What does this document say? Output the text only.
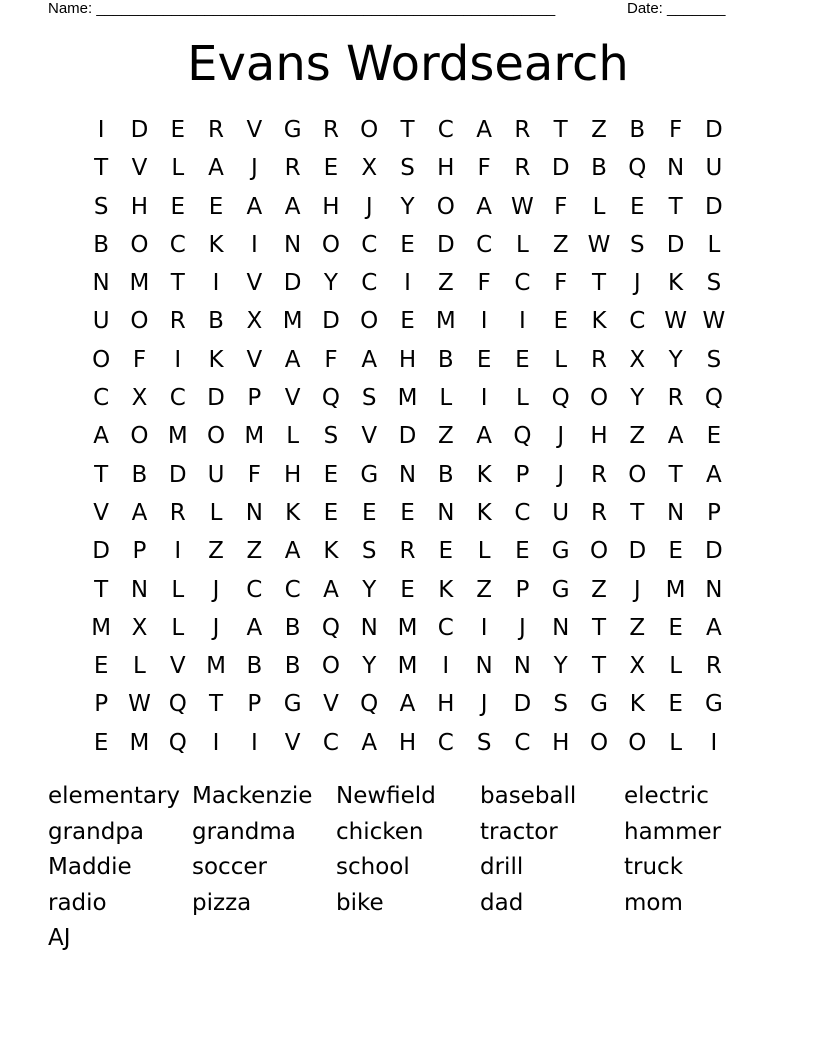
Name: _______________________________________________________	Date: _______
Evans Wordsearch
I	D E	R V G R O T	C A R	T	Z B	F D
T	V	L	A	J	R	E	X	S H	F	R D B Q N U
S H E	E	A A H	J	Y O A W F	L	E	T D
B O C K	I	N O C	E D C	L	Z W S D	L
N M T	I	V D Y	C	I	Z	F	C	F	T	J	K	S
U O R B X M D O E M	I	I	E	K C W W
O F	I	K V A	F	A H B	E	E	L	R X	Y	S
C X C D P	V Q S M L	I	L Q O Y	R Q
A O M O M L	S	V D Z A Q	J	H Z A	E
T	B D U	F	H E G N B K	P	J	R O T	A
V A R	L	N K	E	E	E N K C U R	T N P
D P	I	Z Z A K	S	R	E	L	E G O D E D
T N	L	J	C C A	Y	E	K Z	P G Z	J	M N
M X	L	J	A B Q N M C	I	J	N T	Z	E	A
E	L	V M B B O Y M	I	N N Y	T	X	L	R
P W Q T	P G V Q A H	J	D S G K	E G
E M Q	I	I	V C A H C S C H O O L	I
elementary Mackenzie	Newfield	baseball	electric
grandpa	grandma	chicken	tractor	hammer
Maddie	soccer	school	drill	truck
radio	pizza	bike	dad	mom
AJ
